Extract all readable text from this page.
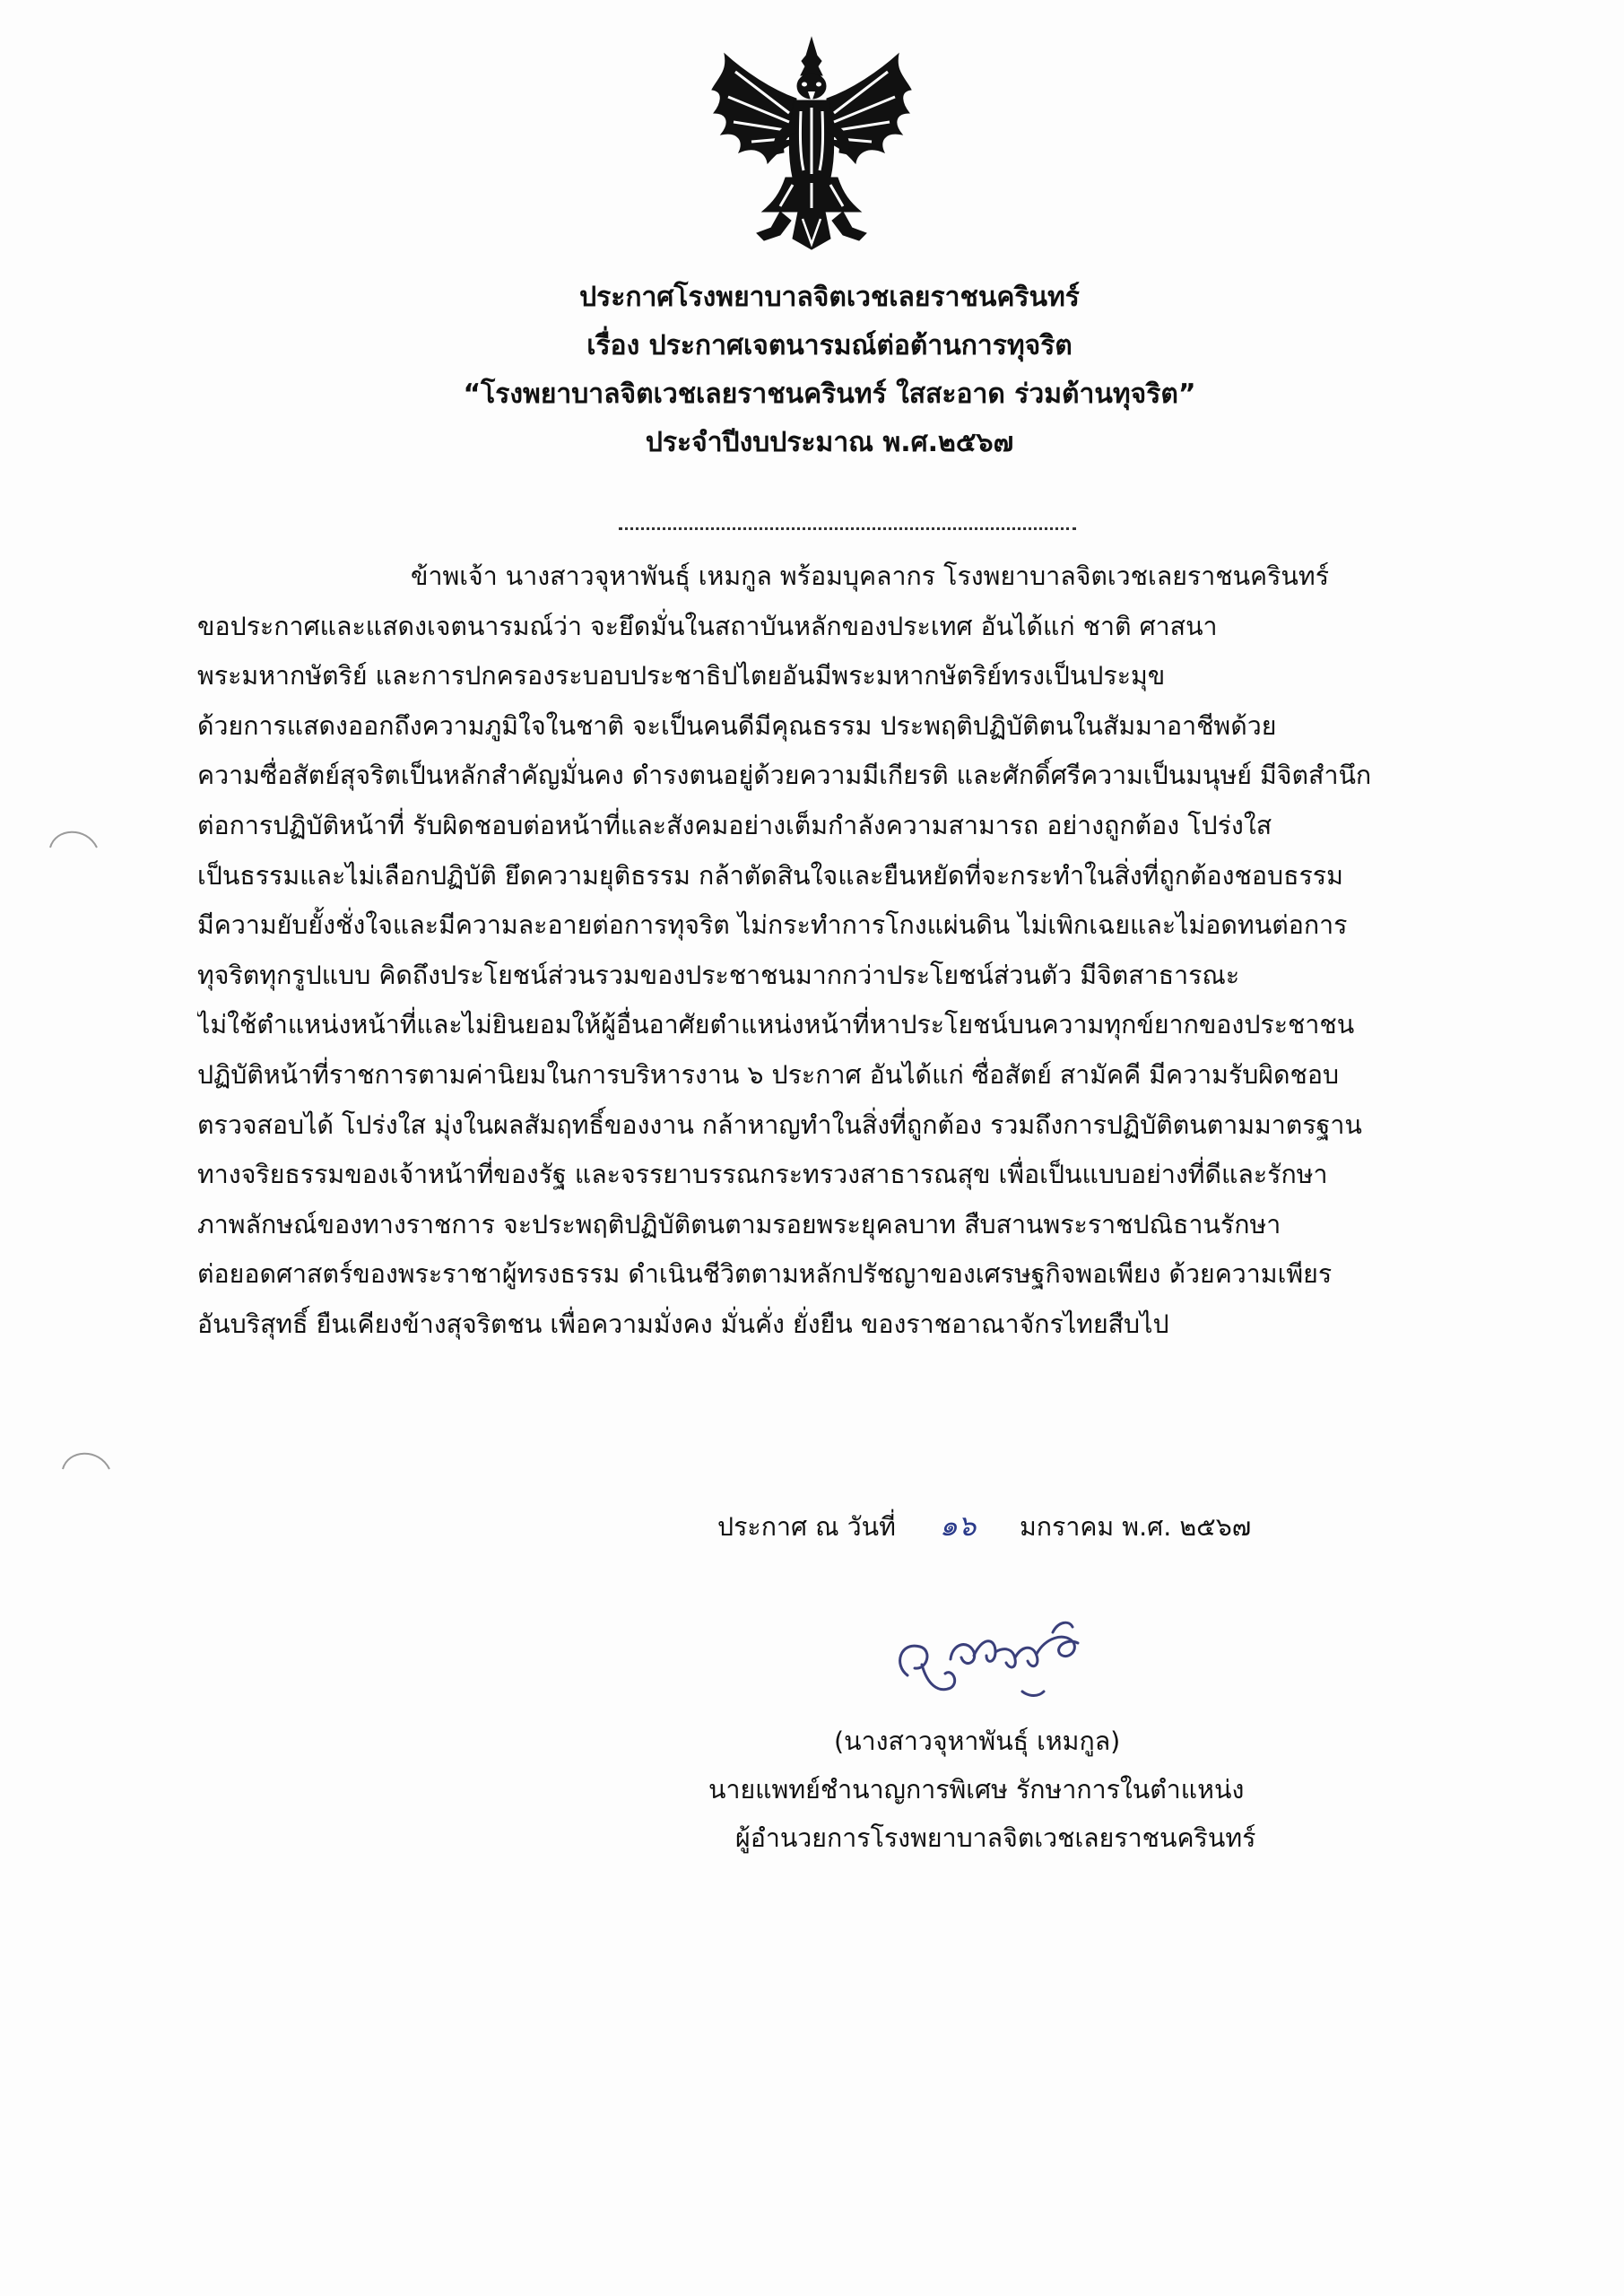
ประกาศโรงพยาบาลจิตเวชเลยราชนครินทร์
เรื่อง ประกาศเจตนารมณ์ต่อต้านการทุจริต
“โรงพยาบาลจิตเวชเลยราชนครินทร์ ใสสะอาด ร่วมต้านทุจริต”
ประจำปีงบประมาณ พ.ศ.๒๕๖๗
ข้าพเจ้า นางสาวจุหาพันธุ์ เหมกูล พร้อมบุคลากร โรงพยาบาลจิตเวชเลยราชนครินทร์
ขอประกาศและแสดงเจตนารมณ์ว่า จะยึดมั่นในสถาบันหลักของประเทศ อันได้แก่ ชาติ ศาสนา
พระมหากษัตริย์ และการปกครองระบอบประชาธิปไตยอันมีพระมหากษัตริย์ทรงเป็นประมุข
ด้วยการแสดงออกถึงความภูมิใจในชาติ จะเป็นคนดีมีคุณธรรม ประพฤติปฏิบัติตนในสัมมาอาชีพด้วย
ความซื่อสัตย์สุจริตเป็นหลักสำคัญมั่นคง ดำรงตนอยู่ด้วยความมีเกียรติ และศักดิ์ศรีความเป็นมนุษย์ มีจิตสำนึก
ต่อการปฏิบัติหน้าที่ รับผิดชอบต่อหน้าที่และสังคมอย่างเต็มกำลังความสามารถ อย่างถูกต้อง โปร่งใส
เป็นธรรมและไม่เลือกปฏิบัติ ยึดความยุติธรรม กล้าตัดสินใจและยืนหยัดที่จะกระทำในสิ่งที่ถูกต้องชอบธรรม
มีความยับยั้งชั่งใจและมีความละอายต่อการทุจริต ไม่กระทำการโกงแผ่นดิน ไม่เพิกเฉยและไม่อดทนต่อการ
ทุจริตทุกรูปแบบ คิดถึงประโยชน์ส่วนรวมของประชาชนมากกว่าประโยชน์ส่วนตัว มีจิตสาธารณะ
ไม่ใช้ตำแหน่งหน้าที่และไม่ยินยอมให้ผู้อื่นอาศัยตำแหน่งหน้าที่หาประโยชน์บนความทุกข์ยากของประชาชน
ปฏิบัติหน้าที่ราชการตามค่านิยมในการบริหารงาน ๖ ประกาศ อันได้แก่ ซื่อสัตย์ สามัคคี มีความรับผิดชอบ
ตรวจสอบได้ โปร่งใส มุ่งในผลสัมฤทธิ์ของงาน กล้าหาญทำในสิ่งที่ถูกต้อง รวมถึงการปฏิบัติตนตามมาตรฐาน
ทางจริยธรรมของเจ้าหน้าที่ของรัฐ และจรรยาบรรณกระทรวงสาธารณสุข เพื่อเป็นแบบอย่างที่ดีและรักษา
ภาพลักษณ์ของทางราชการ จะประพฤติปฏิบัติตนตามรอยพระยุคลบาท สืบสานพระราชปณิธานรักษา
ต่อยอดศาสตร์ของพระราชาผู้ทรงธรรม ดำเนินชีวิตตามหลักปรัชญาของเศรษฐกิจพอเพียง ด้วยความเพียร
อันบริสุทธิ์ ยืนเคียงข้างสุจริตชน เพื่อความมั่งคง มั่นคั่ง ยั่งยืน ของราชอาณาจักรไทยสืบไป
ประกาศ ณ วันที่ ๑๖ มกราคม พ.ศ. ๒๕๖๗
(นางสาวจุหาพันธุ์ เหมกูล)
นายแพทย์ชำนาญการพิเศษ รักษาการในตำแหน่ง
ผู้อำนวยการโรงพยาบาลจิตเวชเลยราชนครินทร์
